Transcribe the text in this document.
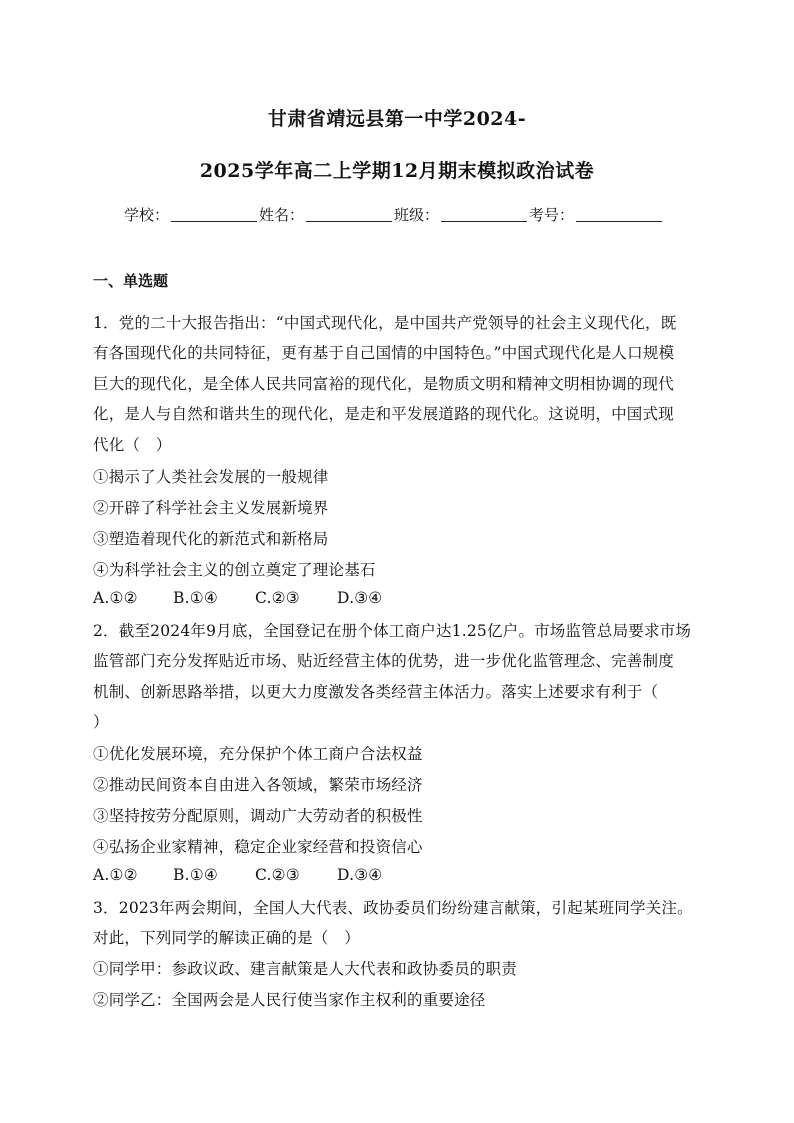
甘肃省靖远县第一中学2024-
2025学年高二上学期12月期末模拟政治试卷
学校：	姓名：	班级：	考号：
一、单选题
1．党的二十大报告指出：“中国式现代化，是中国共产党领导的社会主义现代化，既
有各国现代化的共同特征，更有基于自己国情的中国特色。”中国式现代化是人口规模
巨大的现代化，是全体人民共同富裕的现代化，是物质文明和精神文明相协调的现代
化，是人与自然和谐共生的现代化，是走和平发展道路的现代化。这说明，中国式现
代化（　）
①揭示了人类社会发展的一般规律
②开辟了科学社会主义发展新境界
③塑造着现代化的新范式和新格局
④为科学社会主义的创立奠定了理论基石
A.①②	B.①④	C.②③	D.③④
2．截至2024年9月底，全国登记在册个体工商户达1.25亿户。市场监管总局要求市场
监管部门充分发挥贴近市场、贴近经营主体的优势，进一步优化监管理念、完善制度
机制、创新思路举措，以更大力度激发各类经营主体活力。落实上述要求有利于（
）
①优化发展环境，充分保护个体工商户合法权益
②推动民间资本自由进入各领域，繁荣市场经济
③坚持按劳分配原则，调动广大劳动者的积极性
④弘扬企业家精神，稳定企业家经营和投资信心
A.①②	B.①④	C.②③	D.③④
3．2023年两会期间，全国人大代表、政协委员们纷纷建言献策，引起某班同学关注。
对此，下列同学的解读正确的是（　）
①同学甲：参政议政、建言献策是人大代表和政协委员的职责
②同学乙：全国两会是人民行使当家作主权利的重要途径
